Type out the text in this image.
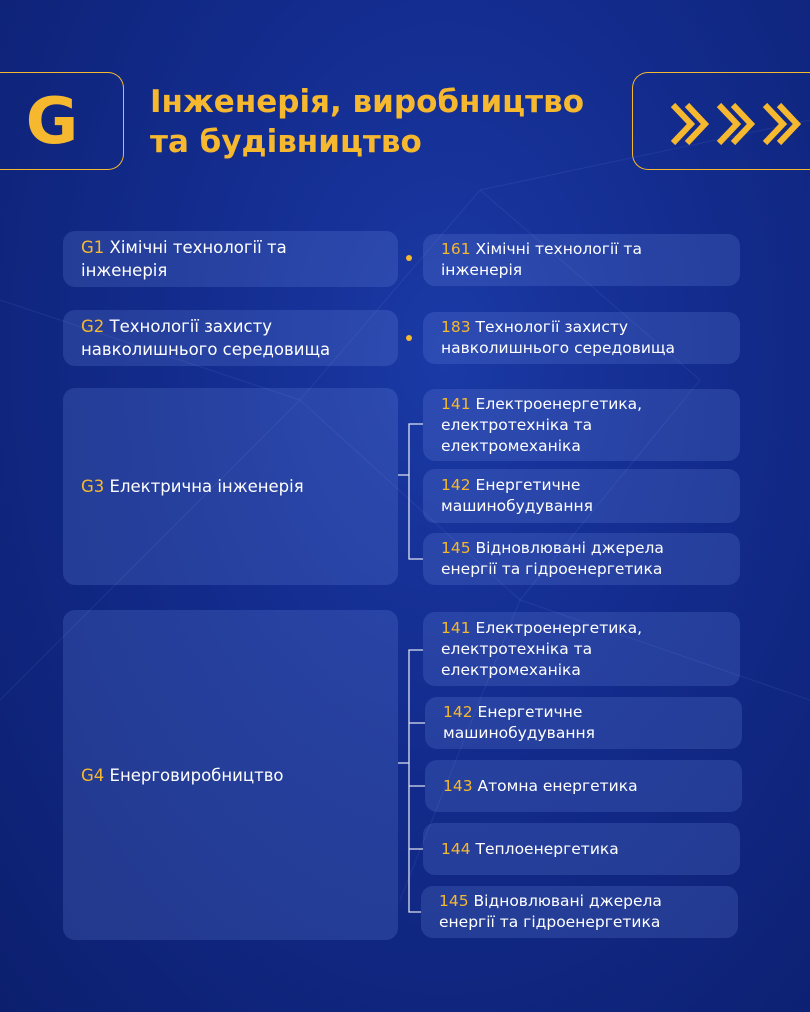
G	Інженерія, виробництво
та будівництво
G1 Хімічні технології та
інженерія
161 Хімічні технології та
інженерія
G2 Технології захисту
навколишнього середовища
183 Технології захисту
навколишнього середовища
G3 Електрична інженерія
141 Електроенергетика,
електротехніка та
електромеханіка
142 Енергетичне
машинобудування
145 Відновлювані джерела
енергії та гідроенергетика
G4 Енерговиробництво
141 Електроенергетика,
електротехніка та
електромеханіка
142 Енергетичне
машинобудування
143 Атомна енергетика
144 Теплоенергетика
145 Відновлювані джерела
енергії та гідроенергетика
